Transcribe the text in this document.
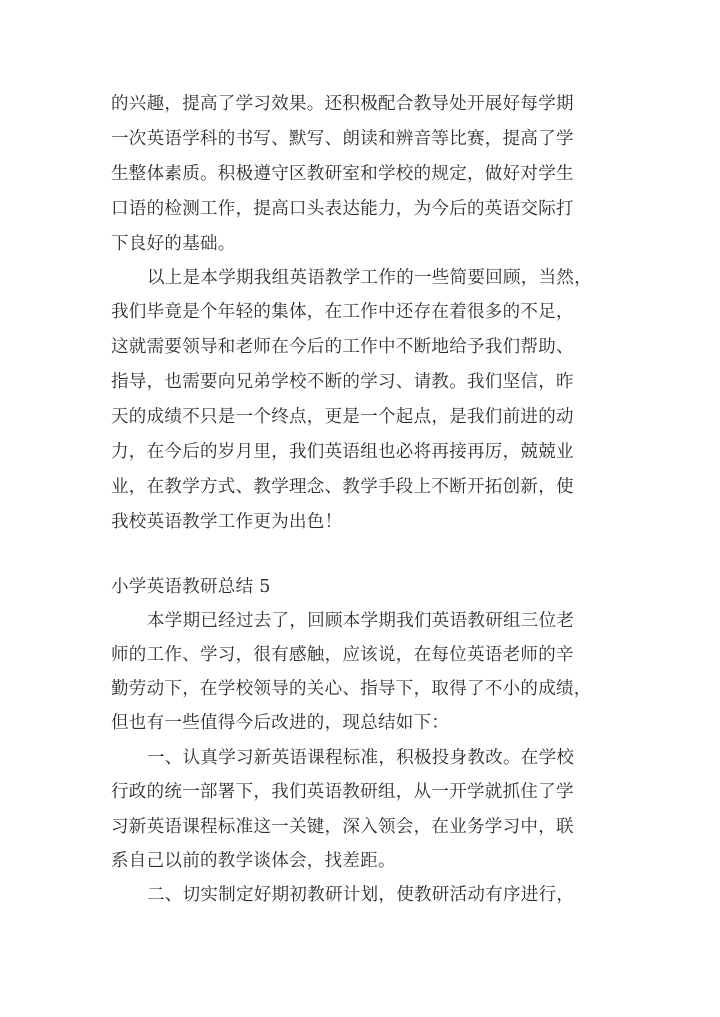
的兴趣，提高了学习效果。还积极配合教导处开展好每学期
一次英语学科的书写、默写、朗读和辨音等比赛，提高了学
生整体素质。积极遵守区教研室和学校的规定，做好对学生
口语的检测工作，提高口头表达能力，为今后的英语交际打
下良好的基础。
以上是本学期我组英语教学工作的一些简要回顾，当然，
我们毕竟是个年轻的集体，在工作中还存在着很多的不足，
这就需要领导和老师在今后的工作中不断地给予我们帮助、
指导，也需要向兄弟学校不断的学习、请教。我们坚信，昨
天的成绩不只是一个终点，更是一个起点，是我们前进的动
力，在今后的岁月里，我们英语组也必将再接再厉，兢兢业
业，在教学方式、教学理念、教学手段上不断开拓创新，使
我校英语教学工作更为出色！
小学英语教研总结 5
本学期已经过去了，回顾本学期我们英语教研组三位老
师的工作、学习，很有感触，应该说，在每位英语老师的辛
勤劳动下，在学校领导的关心、指导下，取得了不小的成绩，
但也有一些值得今后改进的，现总结如下：
一、认真学习新英语课程标准，积极投身教改。在学校
行政的统一部署下，我们英语教研组，从一开学就抓住了学
习新英语课程标准这一关键，深入领会，在业务学习中，联
系自己以前的教学谈体会，找差距。
二、切实制定好期初教研计划，使教研活动有序进行，
